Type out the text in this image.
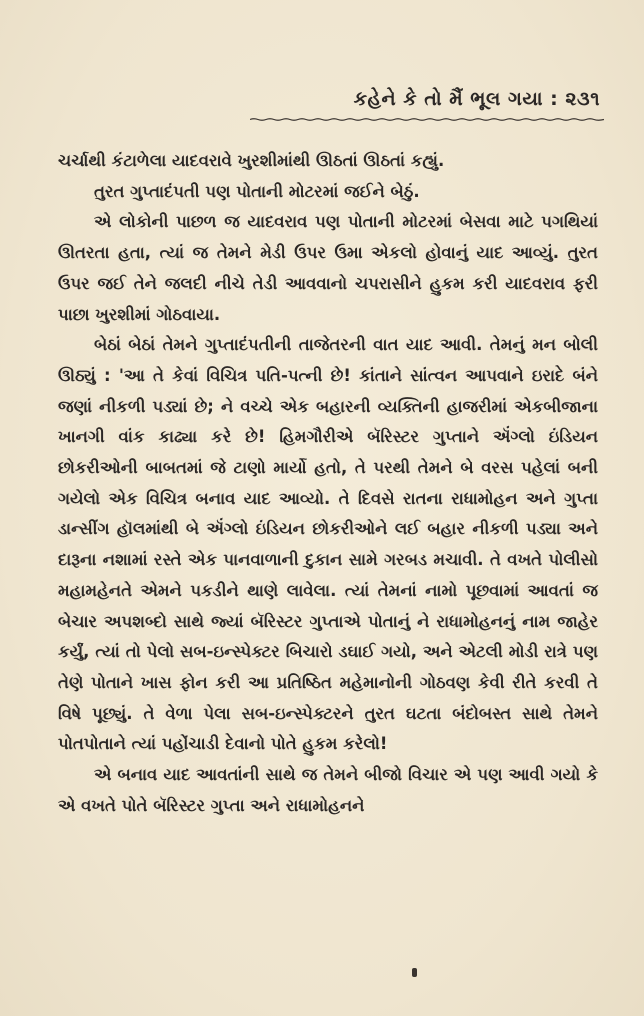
કહેને કે તો મૈં ભૂલ ગયા : ૨૩૧

ચર્ચાથી કંટાળેલા યાદવરાવે ખુરશીમાંથી ઊઠતાં ઊઠતાં કહ્યું.

તુરત ગુપ્તાદંપતી પણ પોતાની મોટરમાં જઈને બેઠું.

એ લોકોની પાછળ જ યાદવરાવ પણ પોતાની મોટરમાં બેસવા માટે પગથિયાં ઊતરતા હતા, ત્યાં જ તેમને મેડી ઉપર ઉમા એકલો હોવાનું યાદ આવ્યું. તુરત ઉપર જઈ તેને જલદી નીચે તેડી આવવાનો ચપરાસીને હુકમ કરી યાદવરાવ ફરી પાછા ખુરશીમાં ગોઠવાયા.

બેઠાં બેઠાં તેમને ગુપ્તાદંપતીની તાજેતરની વાત યાદ આવી. તેમનું મન બોલી ઊઠ્યું : 'આ તે કેવાં વિચિત્ર પતિ-પત્ની છે! કાંતાને સાંત્વન આપવાને ઇરાદે બંને જણાં નીકળી પડ્યાં છે; ને વચ્ચે એક બહારની વ્યક્તિની હાજરીમાં એકબીજાના ખાનગી વાંક કાઢ્યા કરે છે! હિમગૌરીએ બૅરિસ્ટર ગુપ્તાને ઍંગ્લો ઇંડિયન છોકરીઓની બાબતમાં જે ટાણો માર્યો હતો, તે પરથી તેમને બે વરસ પહેલાં બની ગયેલો એક વિચિત્ર બનાવ યાદ આવ્યો. તે દિવસે રાતના રાધામોહન અને ગુપ્તા ડાન્સીંગ હૉલમાંથી બે ઍંગ્લો ઇંડિયન છોકરીઓને લઈ બહાર નીકળી પડ્યા અને દારૂના નશામાં રસ્તે એક પાનવાળાની દુકાન સામે ગરબડ મચાવી. તે વખતે પોલીસો મહામહેનતે એમને પકડીને થાણે લાવેલા. ત્યાં તેમનાં નામો પૂછવામાં આવતાં જ બેચાર અપશબ્દો સાથે જ્યાં બૅરિસ્ટર ગુપ્તાએ પોતાનું ને રાધામોહનનું નામ જાહેર કર્યું, ત્યાં તો પેલો સબ-ઇન્સ્પેક્ટર બિચારો ડઘાઈ ગયો, અને એટલી મોડી રાત્રે પણ તેણે પોતાને ખાસ ફોન કરી આ પ્રતિષ્ઠિત મહેમાનોની ગોઠવણ કેવી રીતે કરવી તે વિષે પૂછ્યું. તે વેળા પેલા સબ-ઇન્સ્પેક્ટરને તુરત ઘટતા બંદોબસ્ત સાથે તેમને પોતપોતાને ત્યાં પહોંચાડી દેવાનો પોતે હુકમ કરેલો!

એ બનાવ યાદ આવતાંની સાથે જ તેમને બીજો વિચાર એ પણ આવી ગયો કે એ વખતે પોતે બૅરિસ્ટર ગુપ્તા અને રાધામોહનને
